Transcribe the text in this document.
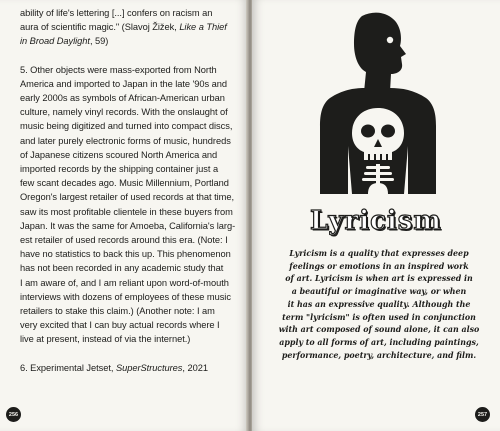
ability of life's lettering [...] confers on racism an
aura of scientific magic." (Slavoj Žižek, Like a Thief
in Broad Daylight, 59)

5. Other objects were mass-exported from North
America and imported to Japan in the late '90s and
early 2000s as symbols of African-American urban
culture, namely vinyl records. With the onslaught of
music being digitized and turned into compact discs,
and later purely electronic forms of music, hundreds
of Japanese citizens scoured North America and
imported records by the shipping container just a
few scant decades ago. Music Millennium, Portland
Oregon's largest retailer of used records at that time,
saw its most profitable clientele in these buyers from
Japan. It was the same for Amoeba, California's larg-
est retailer of used records around this era. (Note: I
have no statistics to back this up. This phenomenon
has not been recorded in any academic study that
I am aware of, and I am reliant upon word-of-mouth
interviews with dozens of employees of these music
retailers to stake this claim.) (Another note: I am
very excited that I can buy actual records where I
live at present, instead of via the internet.)

6. Experimental Jetset, SuperStructures, 2021

256
Lyricism
Lyricism is a quality that expresses deep
feelings or emotions in an inspired work
of art. Lyricism is when art is expressed in
a beautiful or imaginative way, or when
it has an expressive quality. Although the
term "lyricism" is often used in conjunction
with art composed of sound alone, it can also
apply to all forms of art, including paintings,
performance, poetry, architecture, and film.
257
